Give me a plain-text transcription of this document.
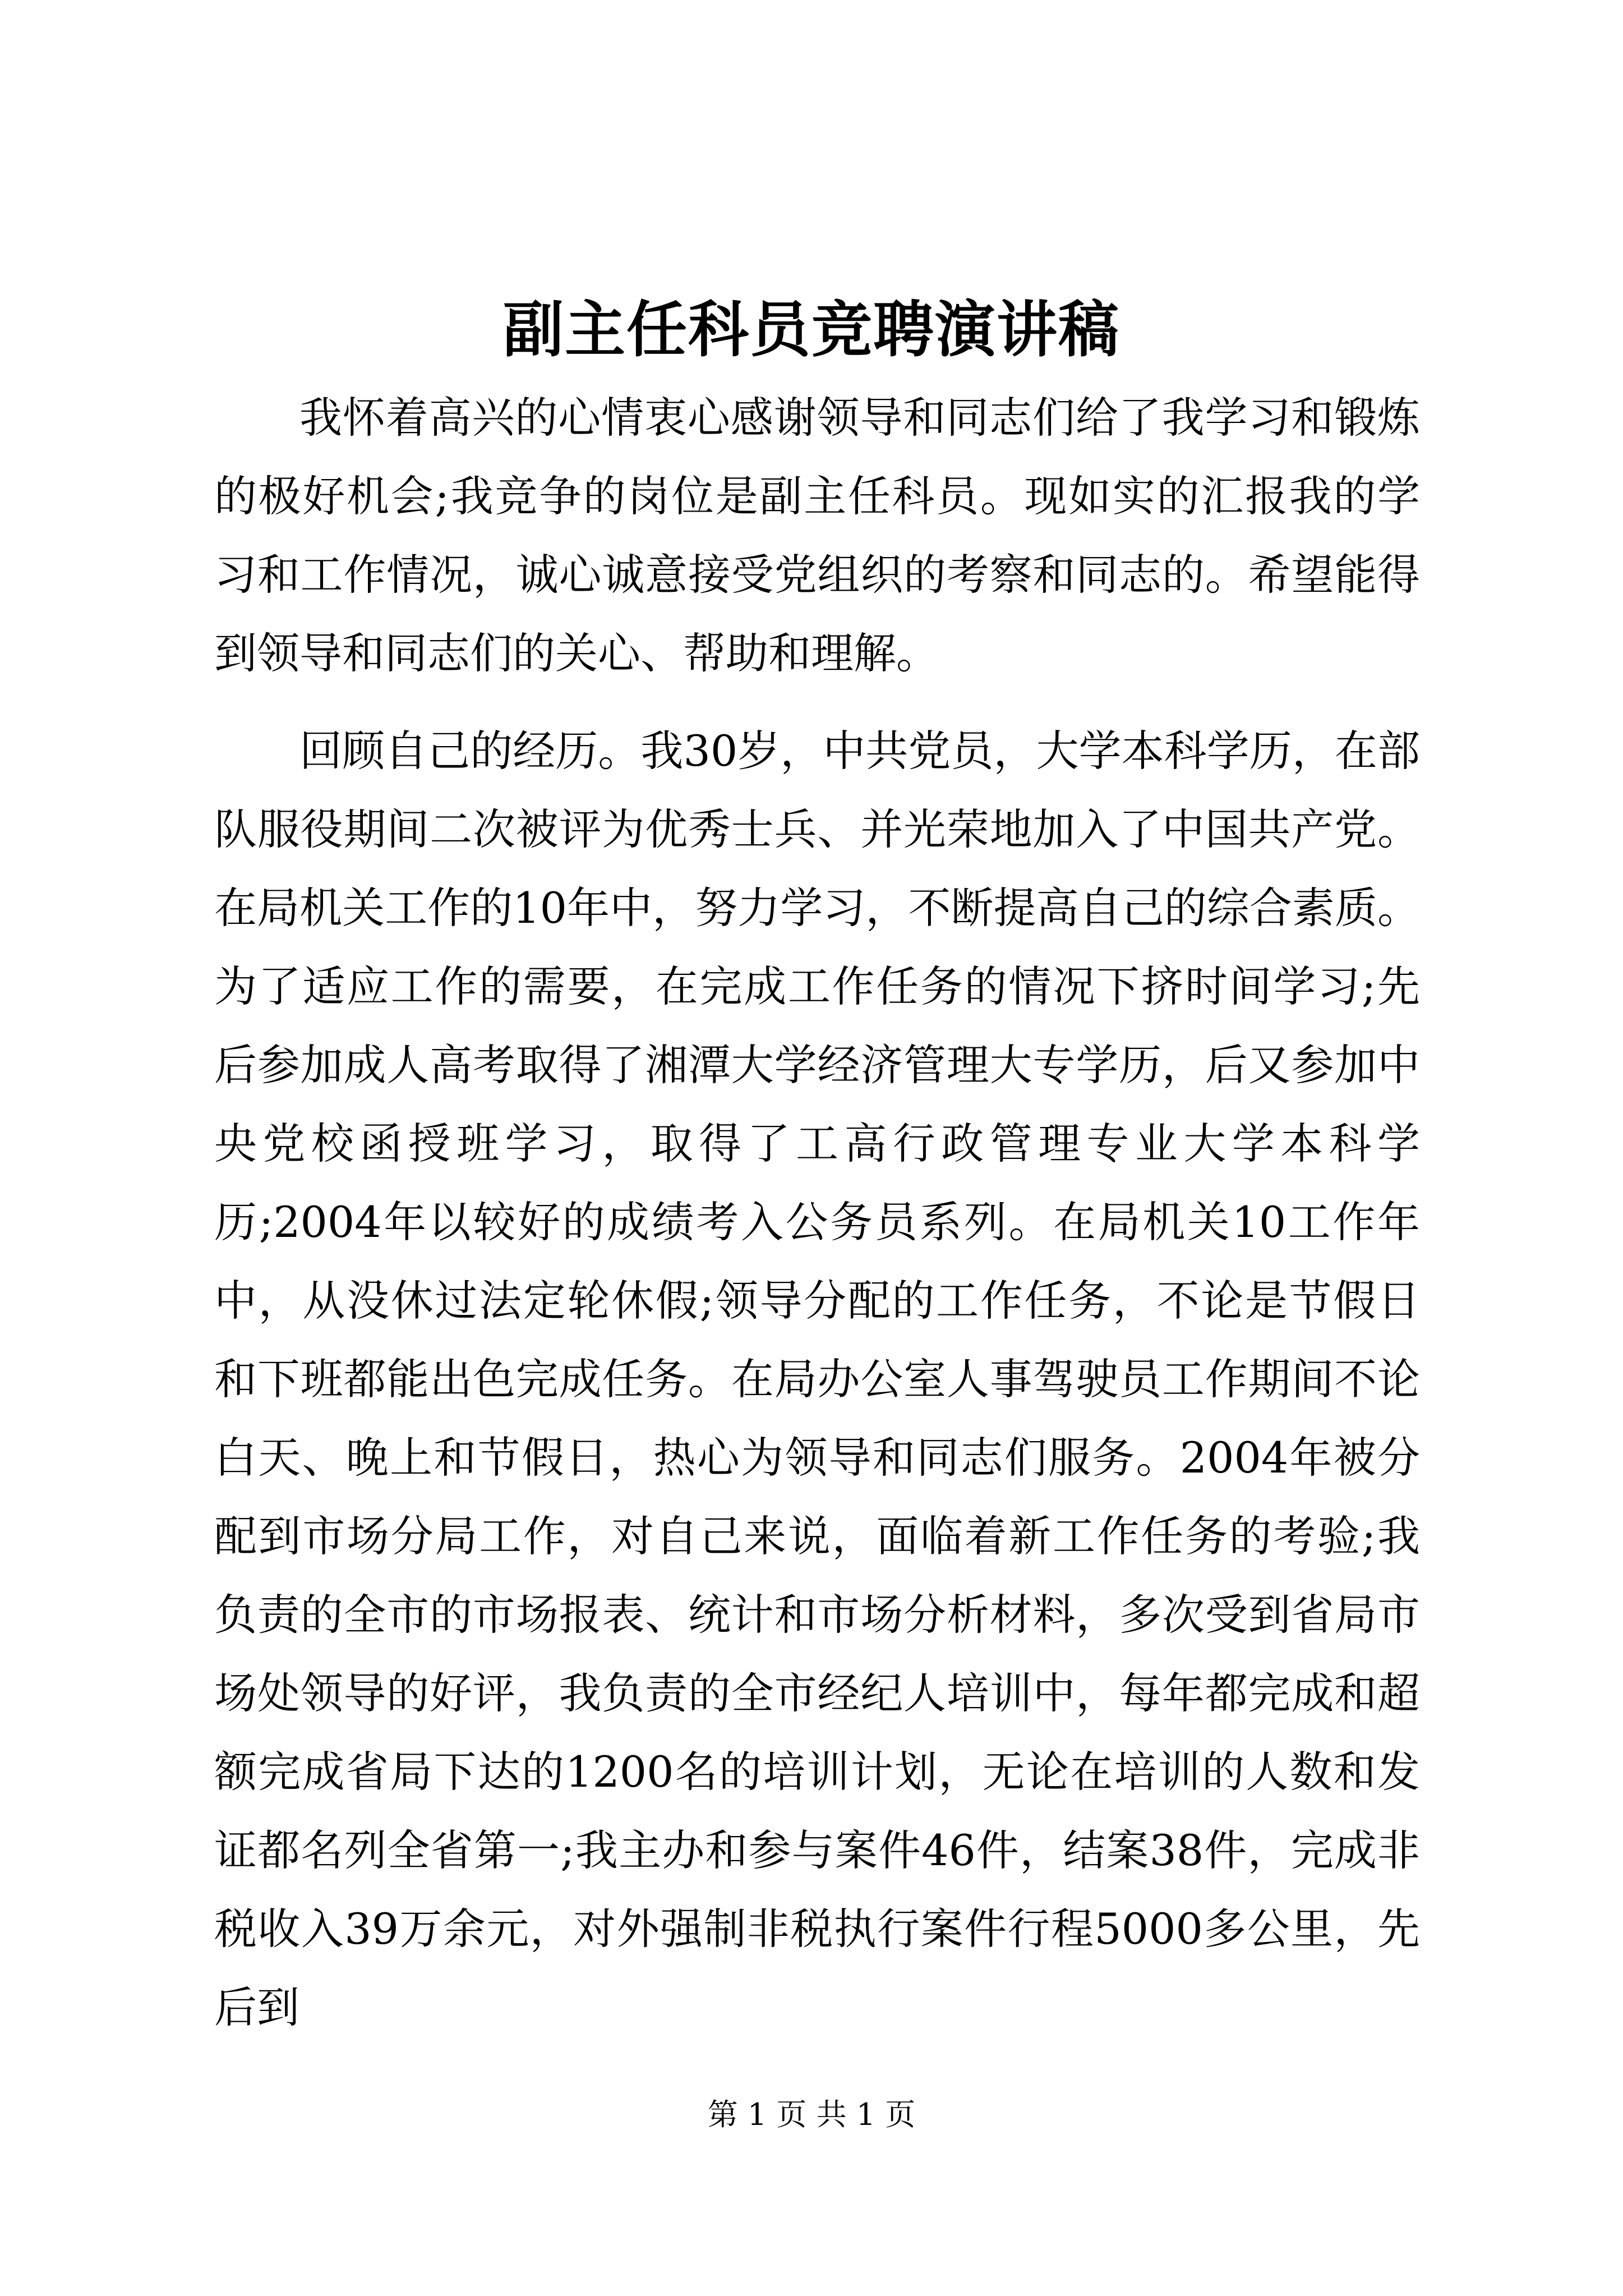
副主任科员竞聘演讲稿

我怀着高兴的心情衷心感谢领导和同志们给了我学习和锻炼的极好机会;我竞争的岗位是副主任科员。现如实的汇报我的学习和工作情况，诚心诚意接受党组织的考察和同志的。希望能得到领导和同志们的关心、帮助和理解。

回顾自己的经历。我30岁，中共党员，大学本科学历，在部队服役期间二次被评为优秀士兵、并光荣地加入了中国共产党。在局机关工作的10年中，努力学习，不断提高自己的综合素质。为了适应工作的需要，在完成工作任务的情况下挤时间学习;先后参加成人高考取得了湘潭大学经济管理大专学历，后又参加中央党校函授班学习，取得了工高行政管理专业大学本科学历;2004年以较好的成绩考入公务员系列。在局机关10工作年中，从没休过法定轮休假;领导分配的工作任务，不论是节假日和下班都能出色完成任务。在局办公室人事驾驶员工作期间不论白天、晚上和节假日，热心为领导和同志们服务。2004年被分配到市场分局工作，对自己来说，面临着新工作任务的考验;我负责的全市的市场报表、统计和市场分析材料，多次受到省局市场处领导的好评，我负责的全市经纪人培训中，每年都完成和超额完成省局下达的1200名的培训计划，无论在培训的人数和发证都名列全省第一;我主办和参与案件46件，结案38件，完成非税收入39万余元，对外强制非税执行案件行程5000多公里，先后到

第 1 页 共 1 页
